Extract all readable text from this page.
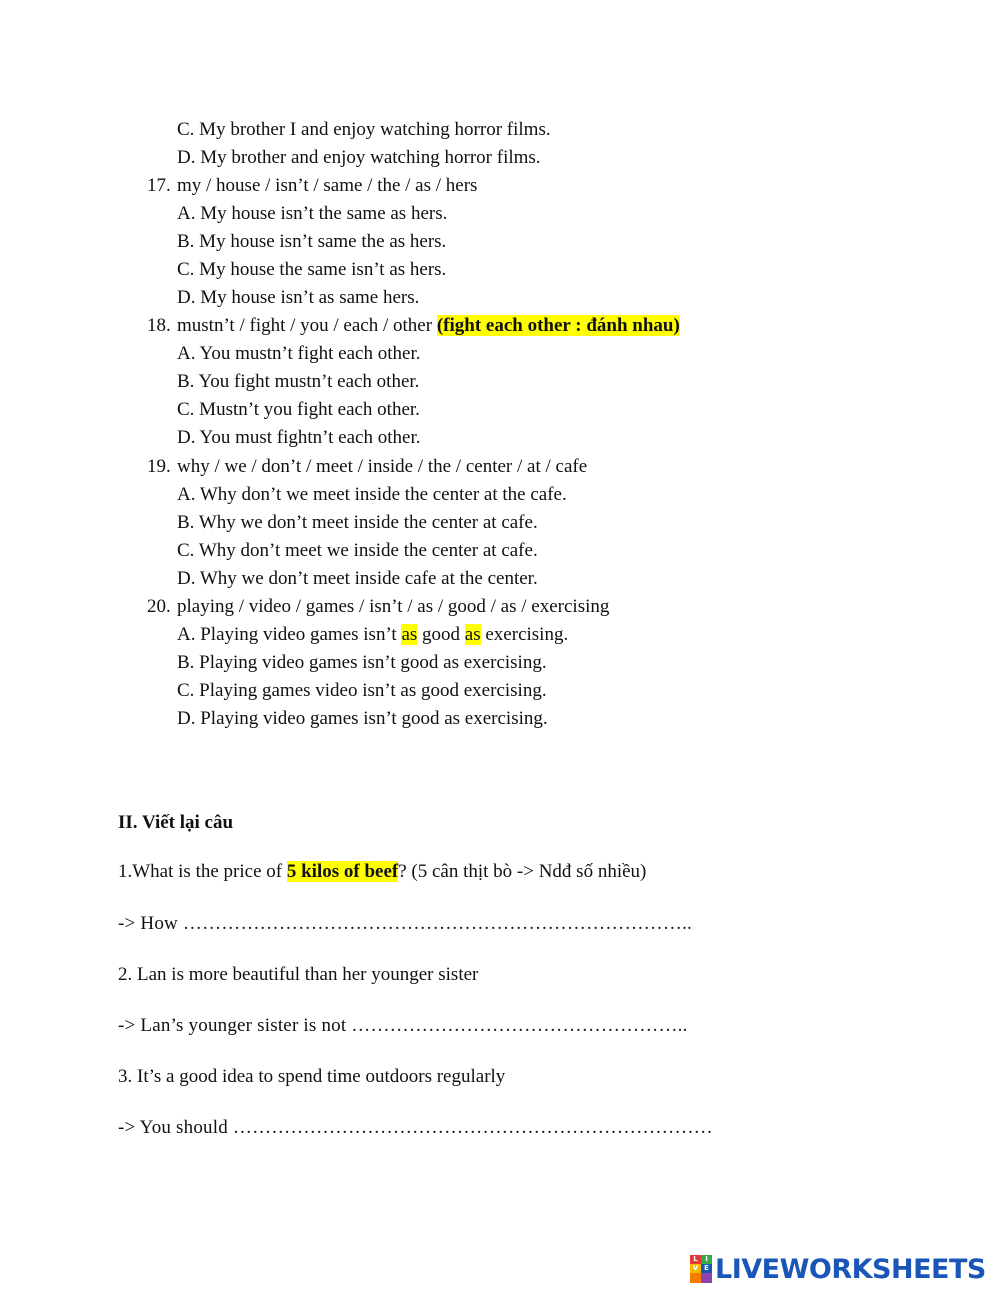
C. My brother I and enjoy watching horror films.
D. My brother and enjoy watching horror films.
17. my / house / isn’t / same / the / as / hers
A. My house isn’t the same as hers.
B. My house isn’t same the as hers.
C. My house the same isn’t as hers.
D. My house isn’t as same hers.
18. mustn’t / fight / you / each / other (fight each other : đánh nhau)
A. You mustn’t fight each other.
B. You fight mustn’t each other.
C. Mustn’t you fight each other.
D. You must fightn’t each other.
19. why / we / don’t / meet / inside / the / center / at / cafe
A. Why don’t we meet inside the center at the cafe.
B. Why we don’t meet inside the center at cafe.
C. Why don’t meet we inside the center at cafe.
D. Why we don’t meet inside cafe at the center.
20. playing / video / games / isn’t / as / good / as / exercising
A. Playing video games isn’t as good as exercising.
B. Playing video games isn’t good as exercising.
C. Playing games video isn’t as good exercising.
D. Playing video games isn’t good as exercising.
II. Viết lại câu
1.What is the price of 5 kilos of beef? (5 cân thịt bò -> Ndđ số nhiều)
-> How ……………………………………………………………………..
2. Lan is more beautiful than her younger sister
-> Lan’s younger sister is not ……………………………………………..
3. It’s a good idea to spend time outdoors regularly
-> You should …………………………………………………………………
L	I
V E LIVEWORKSHEETS
